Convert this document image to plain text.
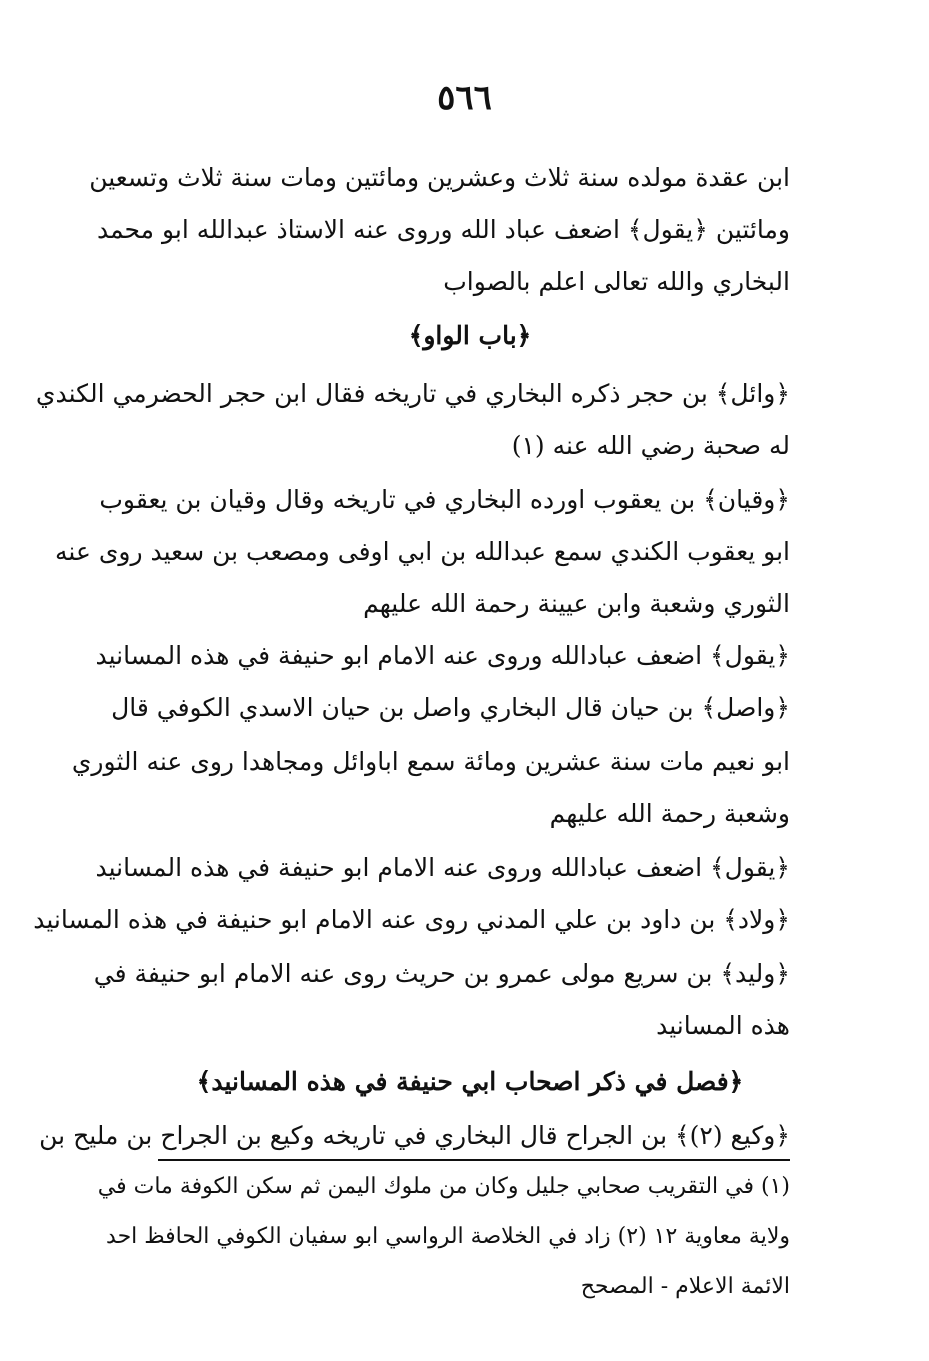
٥٦٦
ابن عقدة مولده سنة ثلاث وعشرين ومائتين ومات سنة ثلاث وتسعين
ومائتين ﴿يقول﴾ اضعف عباد الله وروى عنه الاستاذ عبدالله ابو محمد
البخاري والله تعالى اعلم بالصواب
﴿باب الواو﴾
﴿وائل﴾ بن حجر ذكره البخاري في تاريخه فقال ابن حجر الحضرمي الكندي
له صحبة رضي الله عنه (١)
﴿وقيان﴾ بن يعقوب اورده البخاري في تاريخه وقال وقيان بن يعقوب
ابو يعقوب الكندي سمع عبدالله بن ابي اوفى ومصعب بن سعيد روى عنه
الثوري وشعبة وابن عيينة رحمة الله عليهم
﴿يقول﴾ اضعف عبادالله وروى عنه الامام ابو حنيفة في هذه المسانيد
﴿واصل﴾ بن حيان قال البخاري واصل بن حيان الاسدي الكوفي قال
ابو نعيم مات سنة عشرين ومائة سمع اباوائل ومجاهدا روى عنه الثوري
وشعبة رحمة الله عليهم
﴿يقول﴾ اضعف عبادالله وروى عنه الامام ابو حنيفة في هذه المسانيد
﴿ولاد﴾ بن داود بن علي المدني روى عنه الامام ابو حنيفة في هذه المسانيد
﴿وليد﴾ بن سريع مولى عمرو بن حريث روى عنه الامام ابو حنيفة في
هذه المسانيد
﴿فصل في ذكر اصحاب ابي حنيفة في هذه المسانيد﴾
﴿وكيع (٢)﴾ بن الجراح قال البخاري في تاريخه وكيع بن الجراح بن مليح بن
(١) في التقريب صحابي جليل وكان من ملوك اليمن ثم سكن الكوفة مات في
ولاية معاوية ١٢ (٢) زاد في الخلاصة الرواسي ابو سفيان الكوفي الحافظ احد
الائمة الاعلام - المصحح
